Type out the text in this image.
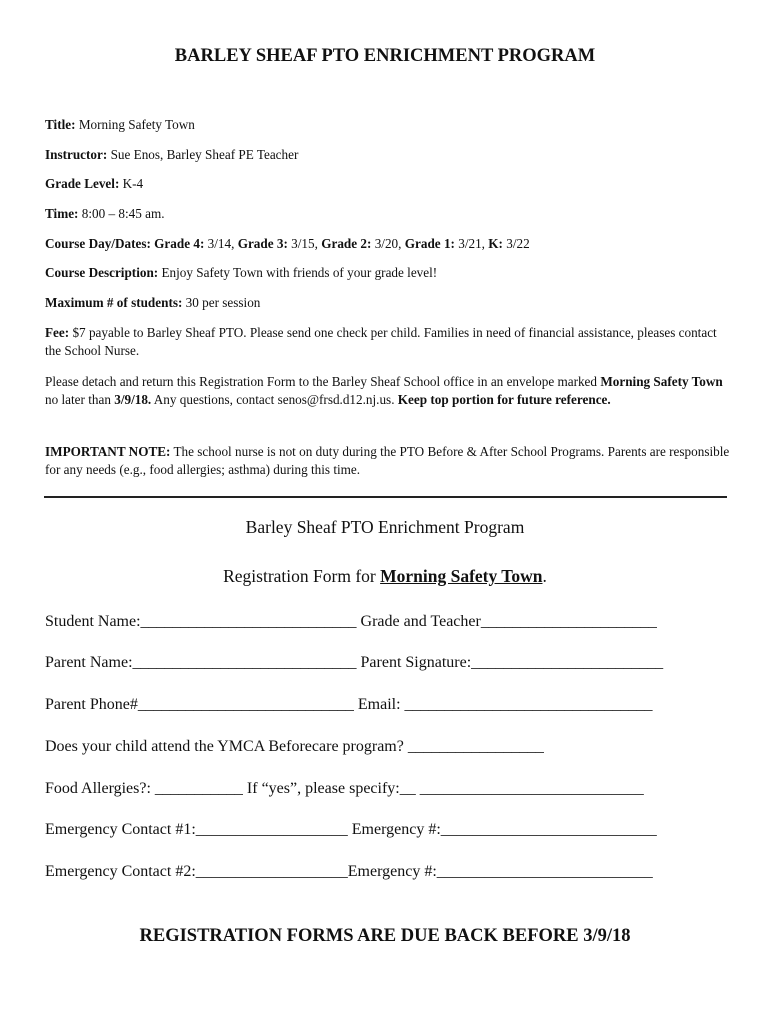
BARLEY SHEAF PTO ENRICHMENT PROGRAM
Title: Morning Safety Town
Instructor: Sue Enos, Barley Sheaf PE Teacher
Grade Level: K-4
Time: 8:00 – 8:45 am.
Course Day/Dates: Grade 4: 3/14, Grade 3: 3/15, Grade 2: 3/20, Grade 1: 3/21, K: 3/22
Course Description: Enjoy Safety Town with friends of your grade level!
Maximum # of students: 30 per session
Fee: $7 payable to Barley Sheaf PTO. Please send one check per child. Families in need of financial assistance, pleases contact the School Nurse.
Please detach and return this Registration Form to the Barley Sheaf School office in an envelope marked Morning Safety Town no later than 3/9/18. Any questions, contact senos@frsd.d12.nj.us. Keep top portion for future reference.
IMPORTANT NOTE: The school nurse is not on duty during the PTO Before & After School Programs. Parents are responsible for any needs (e.g., food allergies; asthma) during this time.
Barley Sheaf PTO Enrichment Program
Registration Form for Morning Safety Town.
Student Name:___________________________ Grade and Teacher______________________
Parent Name:____________________________ Parent Signature:________________________
Parent Phone#___________________________ Email: _______________________________
Does your child attend the YMCA Beforecare program? _________________
Food Allergies?: ___________ If “yes”, please specify:__ ____________________________
Emergency Contact #1:___________________ Emergency #:___________________________
Emergency Contact #2:___________________Emergency #:___________________________
REGISTRATION FORMS ARE DUE BACK BEFORE 3/9/18
